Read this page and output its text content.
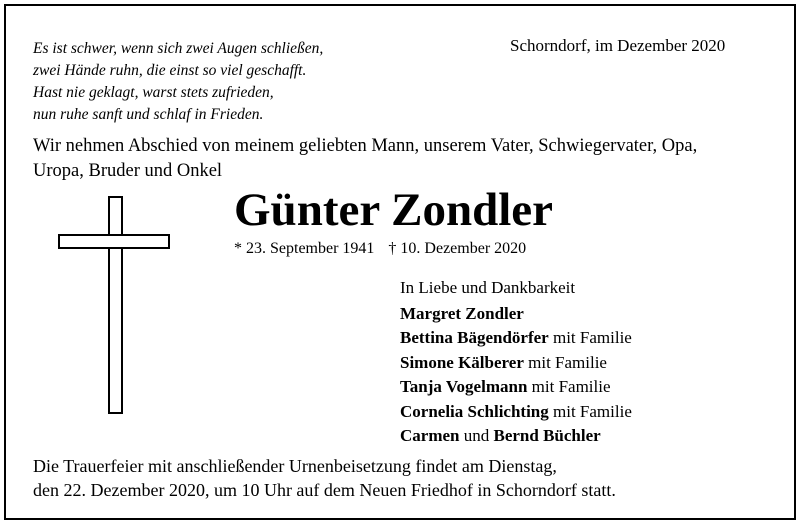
Es ist schwer, wenn sich zwei Augen schließen,
zwei Hände ruhn, die einst so viel geschafft.
Hast nie geklagt, warst stets zufrieden,
nun ruhe sanft und schlaf in Frieden.
Schorndorf, im Dezember 2020
Wir nehmen Abschied von meinem geliebten Mann, unserem Vater, Schwiegervater, Opa,
Uropa, Bruder und Onkel
Günter Zondler
* 23. September 1941 † 10. Dezember 2020
In Liebe und Dankbarkeit
Margret Zondler
Bettina Bägendörfer mit Familie
Simone Kälberer mit Familie
Tanja Vogelmann mit Familie
Cornelia Schlichting mit Familie
Carmen und Bernd Büchler
Die Trauerfeier mit anschließender Urnenbeisetzung findet am Dienstag,
den 22. Dezember 2020, um 10 Uhr auf dem Neuen Friedhof in Schorndorf statt.
